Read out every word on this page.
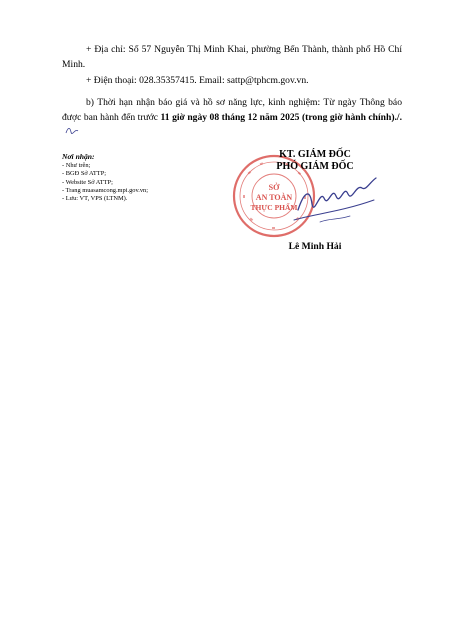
+ Địa chỉ: Số 57 Nguyễn Thị Minh Khai, phường Bến Thành, thành phố Hồ Chí Minh.
+ Điện thoại: 028.35357415. Email: sattp@tphcm.gov.vn.
b) Thời hạn nhận báo giá và hồ sơ năng lực, kinh nghiệm: Từ ngày Thông báo được ban hành đến trước 11 giờ ngày 08 tháng 12 năm 2025 (trong giờ hành chính)./.
Nơi nhận:
- Như trên;
- BGĐ Sở ATTP;
- Website Sở ATTP;
- Trang muasamcong.mpi.gov.vn;
- Lưu: VT, VPS (LTNM).
SỞ
AN TOÀN
THỰC PHẨM
KT. GIÁM ĐỐC
PHÓ GIÁM ĐỐC
Lê Minh Hải
